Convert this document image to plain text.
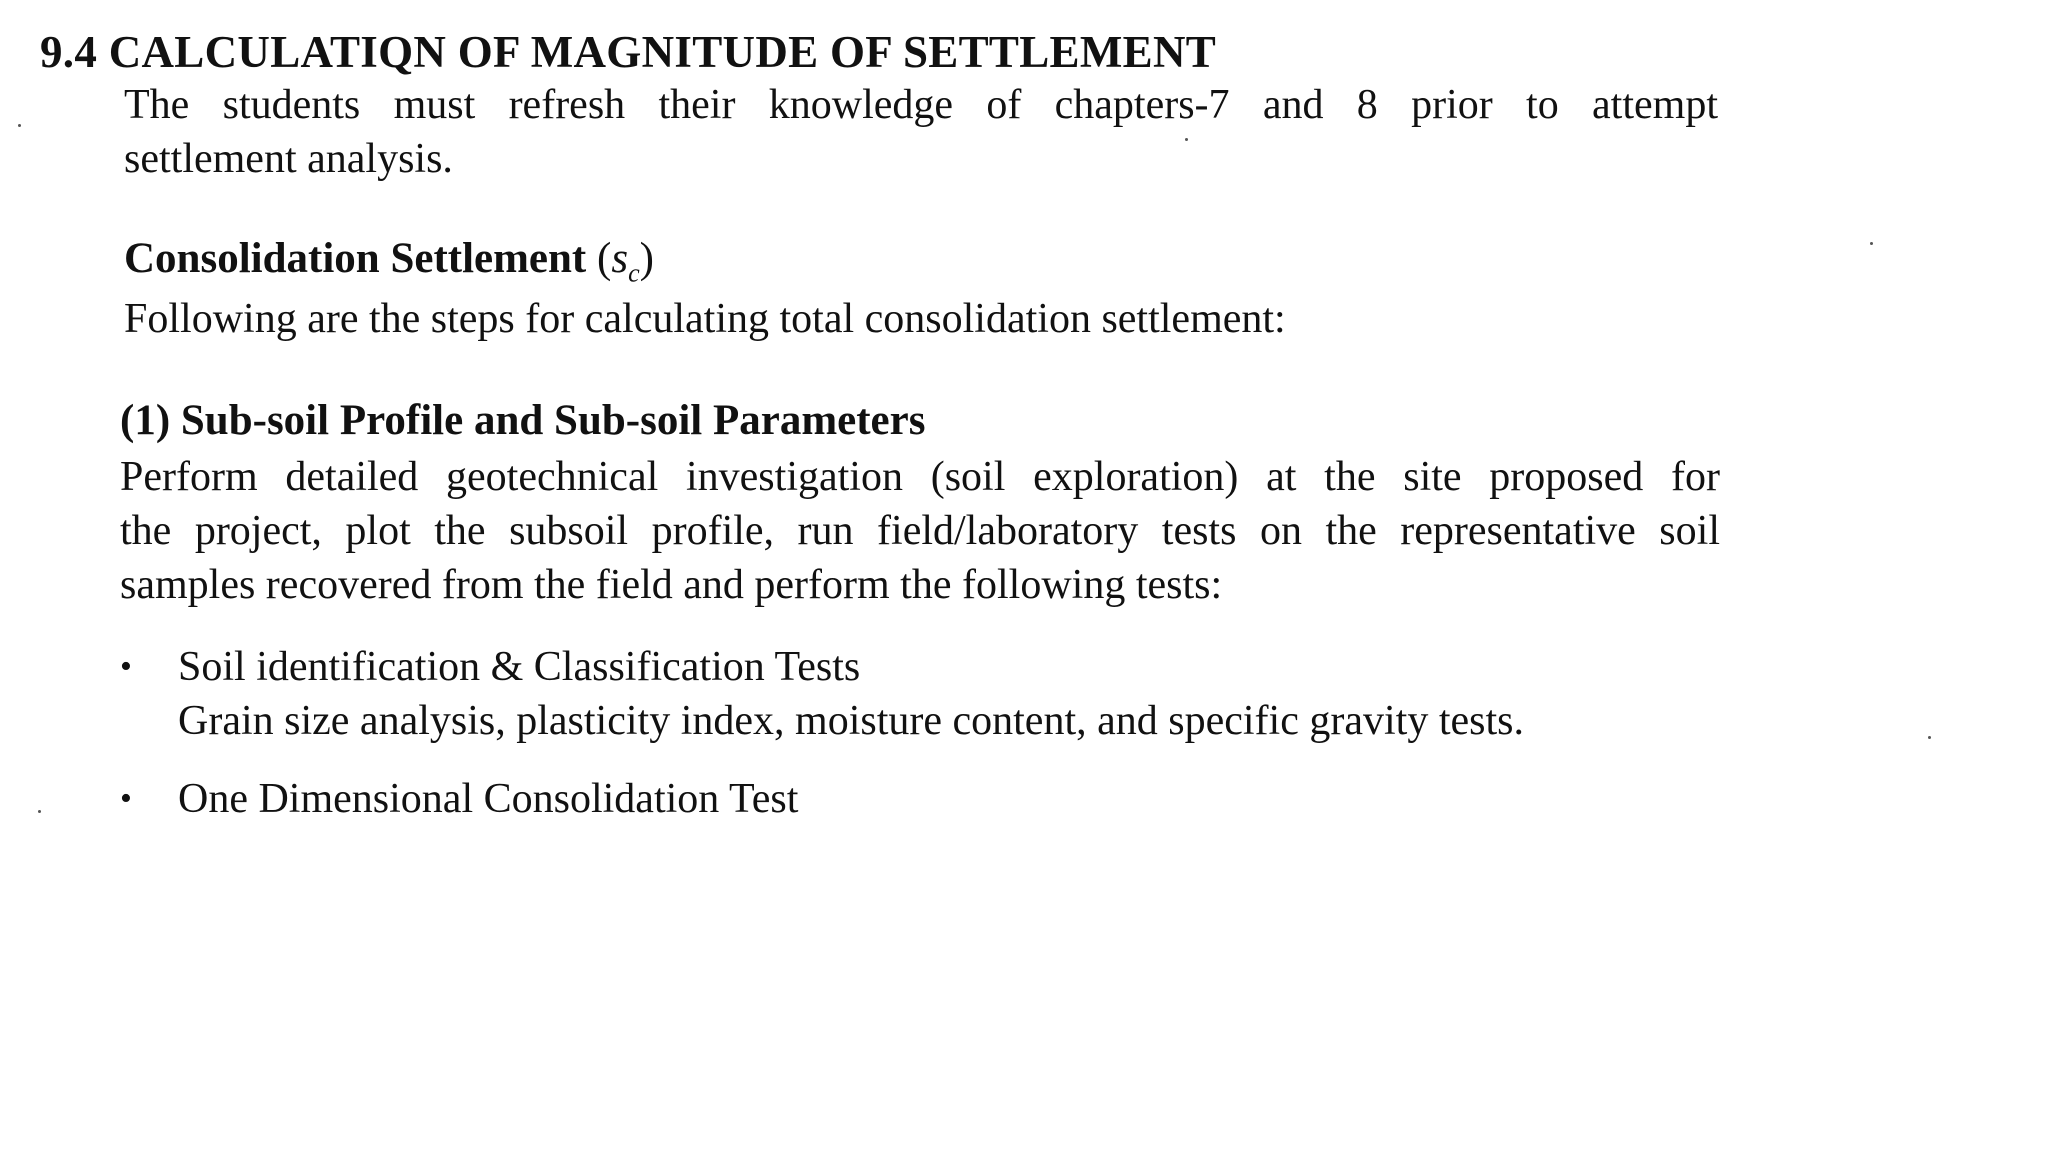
9.4 CALCULATIQN OF MAGNITUDE OF SETTLEMENT
The students must refresh their knowledge of chapters-7 and 8 prior to attempt
settlement analysis.
Consolidation Settlement $(s_c)$

Following are the steps for calculating total consolidation settlement:

(1) Sub-soil Profile and Sub-soil Parameters
Perform detailed geotechnical investigation (soil exploration) at the site proposed for
the project, plot the subsoil profile, run field/laboratory tests on the representative soil
samples recovered from the field and perform the following tests:
• Soil identification & Classification Tests
Grain size analysis, plasticity index, moisture content, and specific gravity tests.
• One Dimensional Consolidation Test
